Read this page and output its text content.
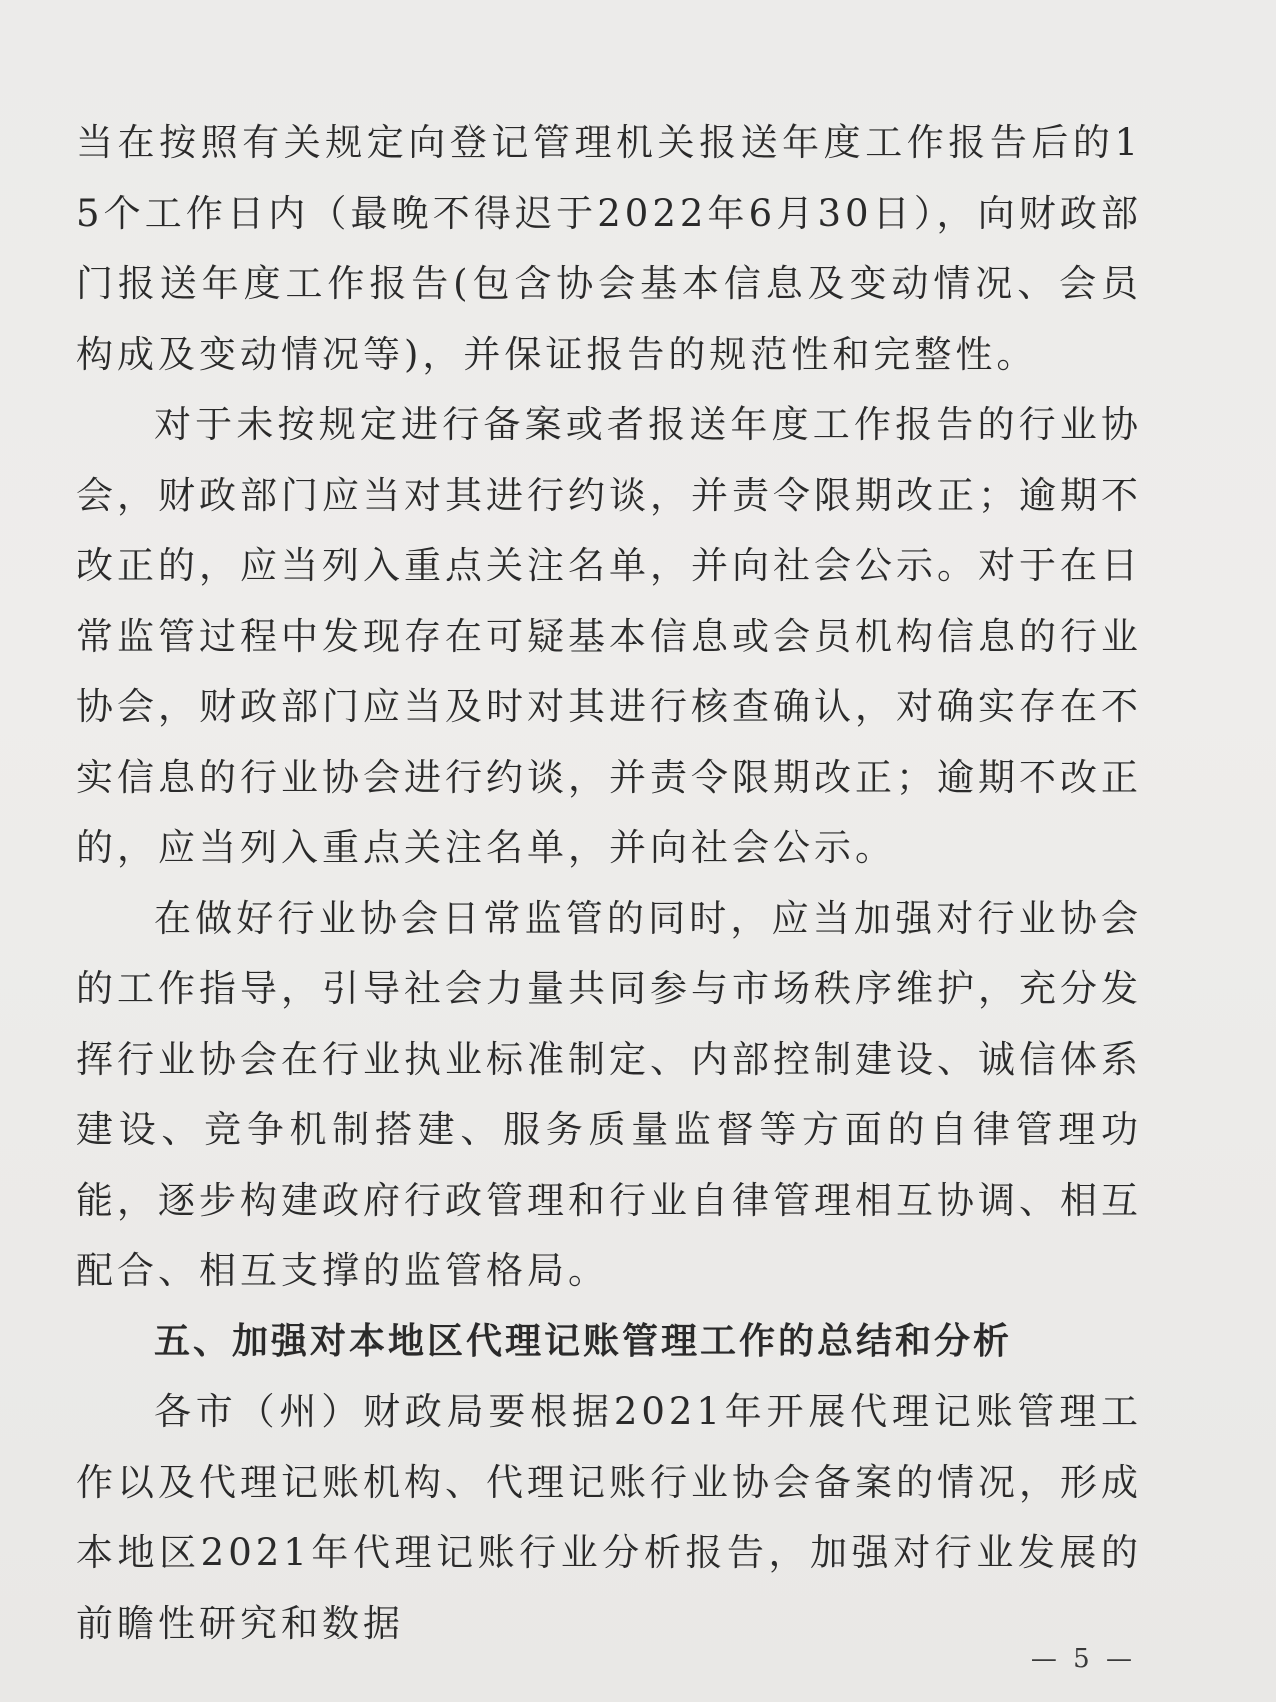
当在按照有关规定向登记管理机关报送年度工作报告后的15个工作日内（最晚不得迟于2022年6月30日），向财政部门报送年度工作报告(包含协会基本信息及变动情况、会员构成及变动情况等)，并保证报告的规范性和完整性。

对于未按规定进行备案或者报送年度工作报告的行业协会，财政部门应当对其进行约谈，并责令限期改正；逾期不改正的，应当列入重点关注名单，并向社会公示。对于在日常监管过程中发现存在可疑基本信息或会员机构信息的行业协会，财政部门应当及时对其进行核查确认，对确实存在不实信息的行业协会进行约谈，并责令限期改正；逾期不改正的，应当列入重点关注名单，并向社会公示。

在做好行业协会日常监管的同时，应当加强对行业协会的工作指导，引导社会力量共同参与市场秩序维护，充分发挥行业协会在行业执业标准制定、内部控制建设、诚信体系建设、竞争机制搭建、服务质量监督等方面的自律管理功能，逐步构建政府行政管理和行业自律管理相互协调、相互配合、相互支撑的监管格局。

五、加强对本地区代理记账管理工作的总结和分析

各市（州）财政局要根据2021年开展代理记账管理工作以及代理记账机构、代理记账行业协会备案的情况，形成本地区2021年代理记账行业分析报告，加强对行业发展的前瞻性研究和数据

— 5 —
